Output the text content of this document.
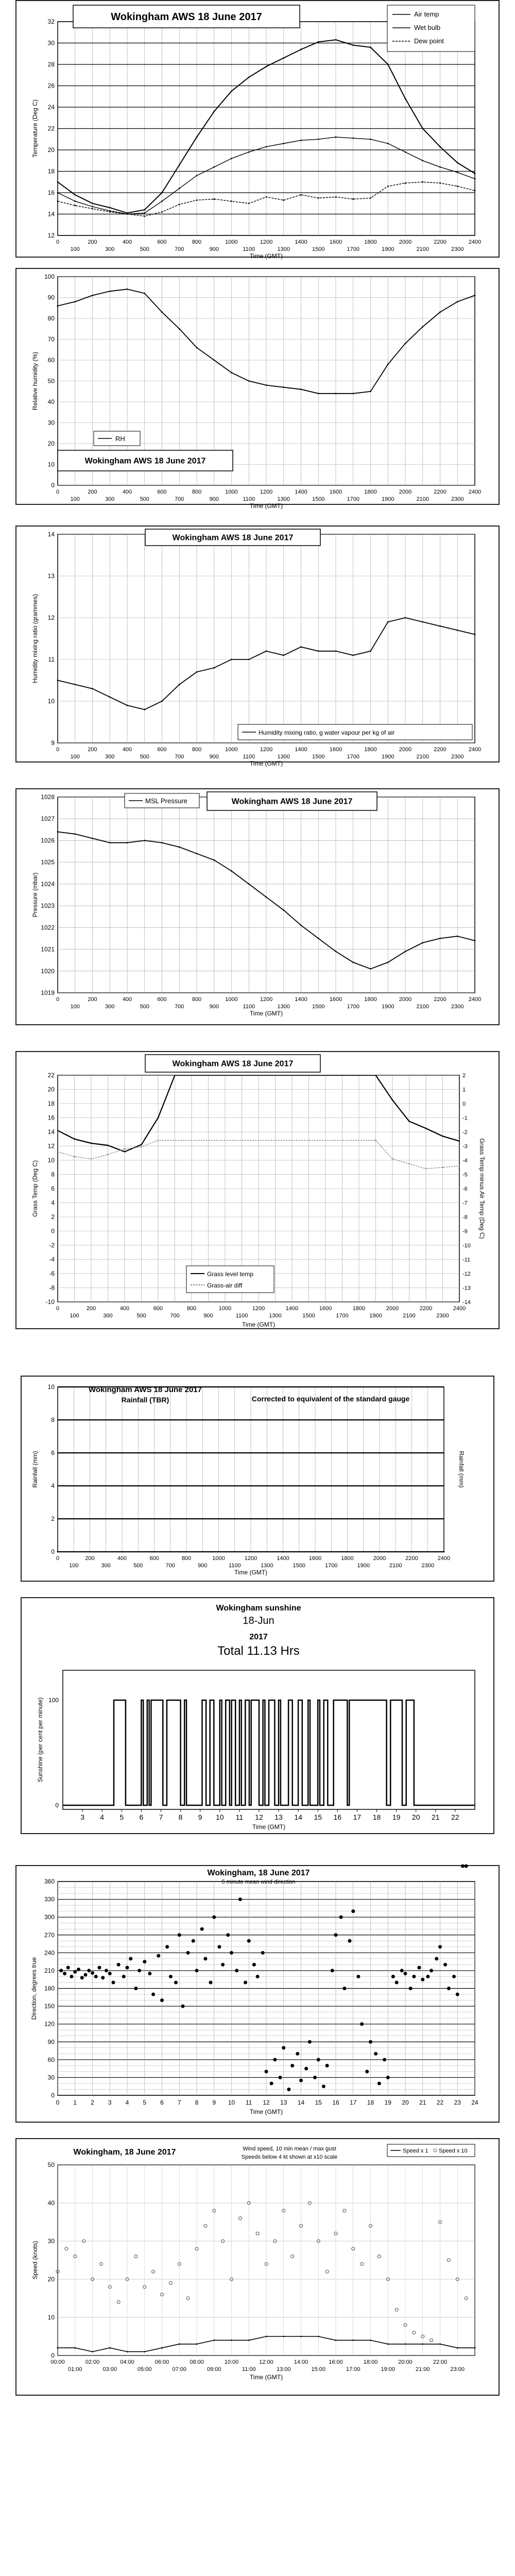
12
14
16
18
20
22
24
26
28
30
32
0	200	400	600	800	1000	1200	1400	1600	1800	2000	2200	2400
100	300	500	700	900	1100	1300	1500	1700	1900	2100	2300
Time (GMT)
Temperature (Deg C)
Wokingham AWS 18 June 2017	Air temp
Wet bulb
Dew point
0
10
20
30
40
50
60
70
80
90
100
0	200	400	600	800	1000	1200	1400	1600	1800	2000	2200	2400
100	300	500	700	900	1100	1300	1500	1700	1900	2100	2300
Time (GMT)
Relative humidity (%)
RH
Wokingham AWS 18 June 2017
9
10
11
12
13
14
0	200	400	600	800	1000	1200	1400	1600	1800	2000	2200	2400
100	300	500	700	900	1100	1300	1500	1700	1900	2100	2300
Time (GMT)
Humidity mixing ratio (grammes)
Wokingham AWS 18 June 2017
Humidity mixing ratio, g water vapour per kg of air
1019
1020
1021
1022
1023
1024
1025
1026
1027
1028
0	200	400	600	800	1000	1200	1400	1600	1800	2000	2200	2400
100	300	500	700	900	1100	1300	1500	1700	1900	2100	2300
Time (GMT)
Pressure (mbar)
MSL Pressure	Wokingham AWS 18 June 2017
-10
-8
-6
-4
-2
0
2
4
6
8
10
12
14
16
18
20
22
0	200	400	600	800	1000	1200	1400	1600	1800	2000	2200	2400
100	300	500	700	900	1100	1300	1500	1700	1900	2100	2300
Time (GMT)
Grass Temp (Deg C)
-14
-13
-12
-11
-10
-9
-8
-7
-6
-5
-4
-3
-2
-1
0
1
2
Grass Temp minus Air Temp (Deg C)
Wokingham AWS 18 June 2017
Grass level temp
Grass-air diff
0
2
4
6
8
10
0	200	400	600	800	1000	1200	1400	1600	1800	2000	2200	2400
100	300	500	700	900	1100	1300	1500	1700	1900	2100	2300
Time (GMT)
Rainfall (mm)	Rainfall (mm)
Wokingham AWS 18 June 2017
Rainfall (TBR)	Corrected to equivalent of the standard gauge
100
0
3 4 5 6 7 8 9 10 11 12 13 14 15 16 17 18 19 20 21 22
Time (GMT)
Sunshine (per cent per minute)
Wokingham sunshine
18-Jun
2017
Total 11.13 Hrs
0
30
60
90
120
150
180
210
240
270
300
330
360
0 1 2 3 4 5 6 7 8 9 10 11 12 13 14 15 16 17 18 19 20 21 22 23 24
Time (GMT)
Direction, degrees true
Wokingham, 18 June 2017
5 minute mean wind direction
0
10
20
30
40
50
00:00	02:00	04:00	06:00	08:00	10:00	12:00	14:00	16:00	18:00	20:00	22:00
01:00	03:00	05:00	07:00	09:00	11:00	13:00	15:00	17:00	19:00	21:00	23:00
Time (GMT)
Speed (knots)
Wokingham, 18 June 2017	Wind speed, 10 min mean / max gust
Speeds below 4 kt shown at x10 scale
Speed x 1 Speed x 10
